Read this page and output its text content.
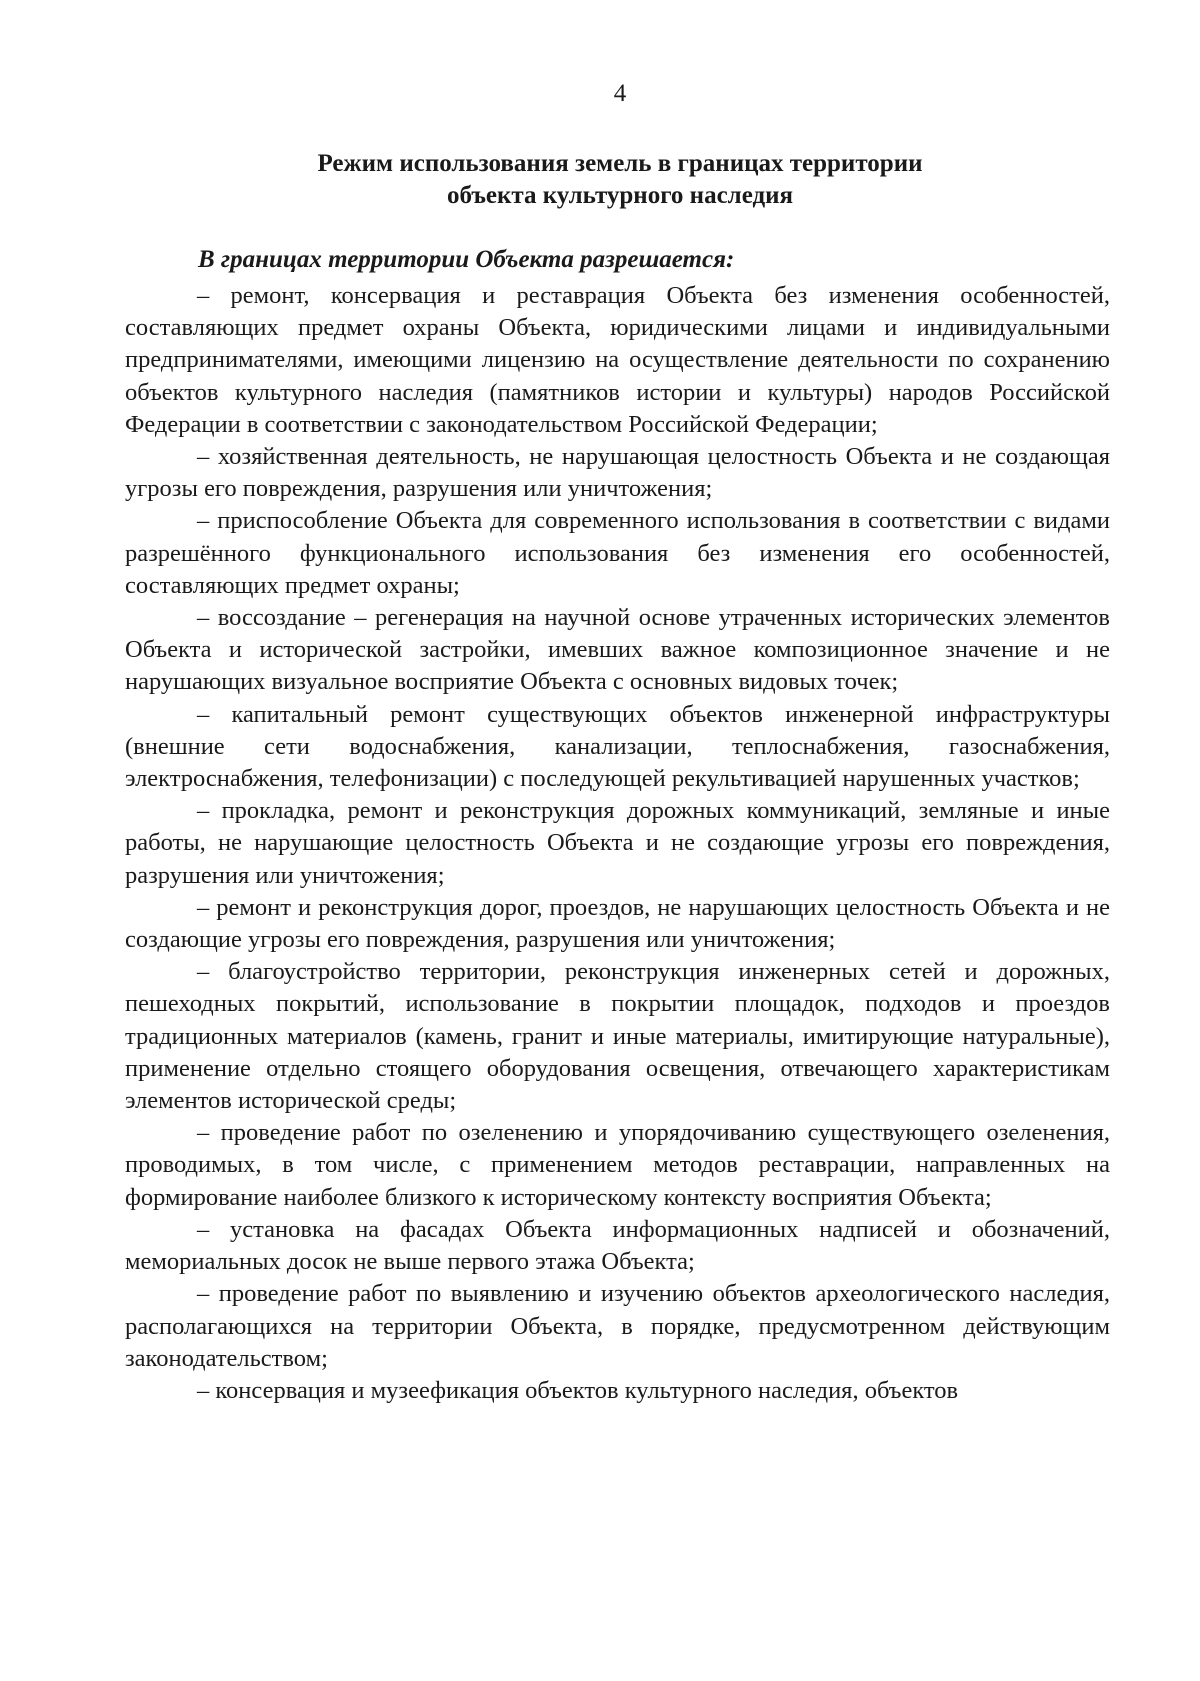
4
Режим использования земель в границах территории
объекта культурного наследия
В границах территории Объекта разрешается:

– ремонт, консервация и реставрация Объекта без изменения особенностей, составляющих предмет охраны Объекта, юридическими лицами и индивидуальными предпринимателями, имеющими лицензию на осуществление деятельности по сохранению объектов культурного наследия (памятников истории и культуры) народов Российской Федерации в соответствии с законодательством Российской Федерации;

– хозяйственная деятельность, не нарушающая целостность Объекта и не создающая угрозы его повреждения, разрушения или уничтожения;

– приспособление Объекта для современного использования в соответствии с видами разрешённого функционального использования без изменения его особенностей, составляющих предмет охраны;

– воссоздание – регенерация на научной основе утраченных исторических элементов Объекта и исторической застройки, имевших важное композиционное значение и не нарушающих визуальное восприятие Объекта с основных видовых точек;

– капитальный ремонт существующих объектов инженерной инфраструктуры (внешние сети водоснабжения, канализации, теплоснабжения, газоснабжения, электроснабжения, телефонизации) с последующей рекультивацией нарушенных участков;

– прокладка, ремонт и реконструкция дорожных коммуникаций, земляные и иные работы, не нарушающие целостность Объекта и не создающие угрозы его повреждения, разрушения или уничтожения;

– ремонт и реконструкция дорог, проездов, не нарушающих целостность Объекта и не создающие угрозы его повреждения, разрушения или уничтожения;

– благоустройство территории, реконструкция инженерных сетей и дорожных, пешеходных покрытий, использование в покрытии площадок, подходов и проездов традиционных материалов (камень, гранит и иные материалы, имитирующие натуральные), применение отдельно стоящего оборудования освещения, отвечающего характеристикам элементов исторической среды;

– проведение работ по озеленению и упорядочиванию существующего озеленения, проводимых, в том числе, с применением методов реставрации, направленных на формирование наиболее близкого к историческому контексту восприятия Объекта;

– установка на фасадах Объекта информационных надписей и обозначений, мемориальных досок не выше первого этажа Объекта;

– проведение работ по выявлению и изучению объектов археологического наследия, располагающихся на территории Объекта, в порядке, предусмотренном действующим законодательством;

– консервация и музеефикация объектов культурного наследия, объектов
